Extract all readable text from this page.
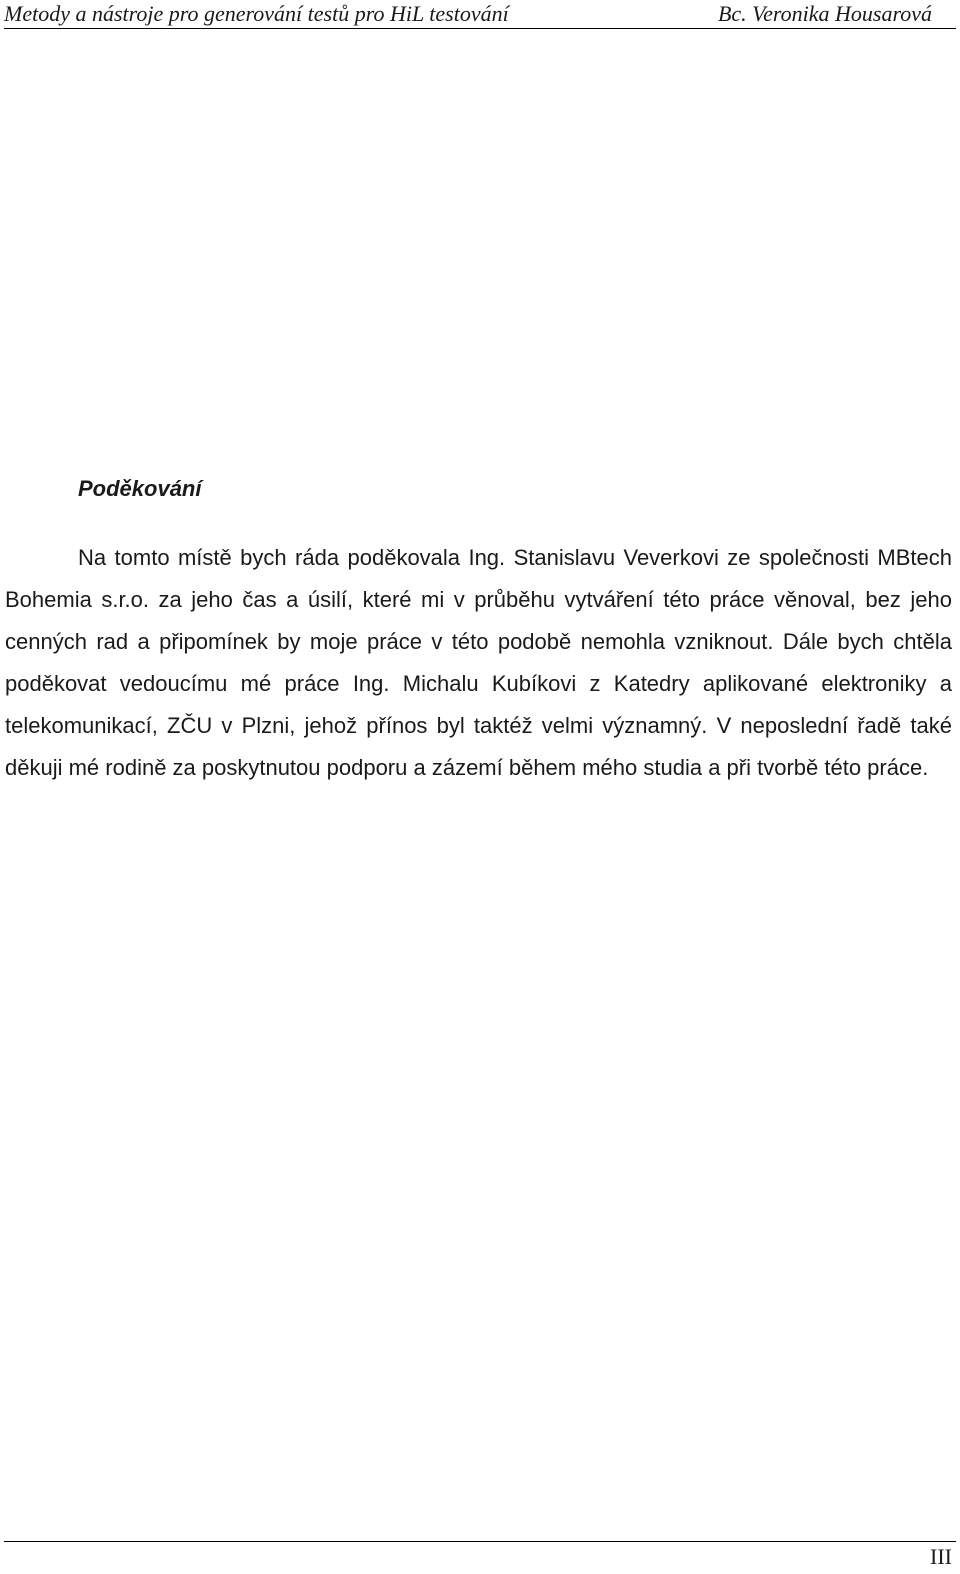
Metody a nástroje pro generování testů pro HiL testování	Bc. Veronika Housarová
Poděkování

Na tomto místě bych ráda poděkovala Ing. Stanislavu Veverkovi ze společnosti MBtech Bohemia s.r.o. za jeho čas a úsilí, které mi v průběhu vytváření této práce věnoval, bez jeho cenných rad a připomínek by moje práce v této podobě nemohla vzniknout. Dále bych chtěla poděkovat vedoucímu mé práce Ing. Michalu Kubíkovi z Katedry aplikované elektroniky a telekomunikací, ZČU v Plzni, jehož přínos byl taktéž velmi významný. V neposlední řadě také děkuji mé rodině za poskytnutou podporu a zázemí během mého studia a při tvorbě této práce.

III
